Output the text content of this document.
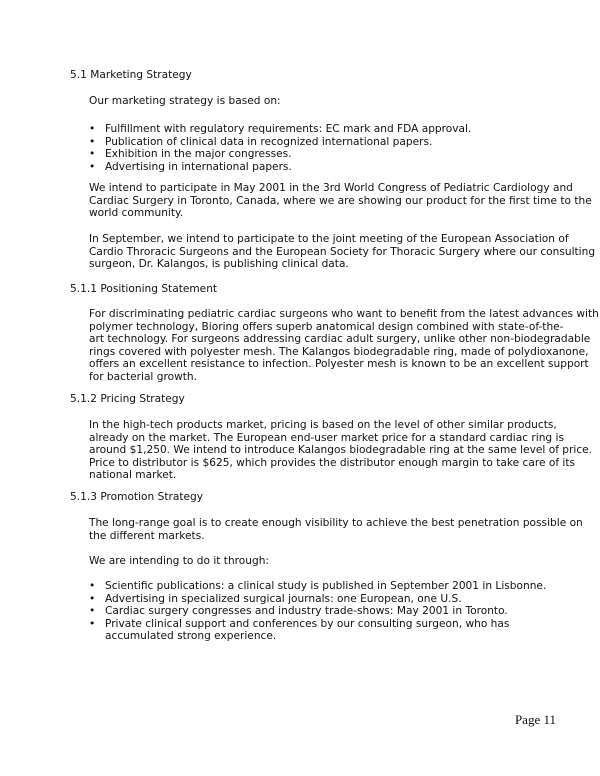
5.1 Marketing Strategy

Our marketing strategy is based on:

• Fulfillment with regulatory requirements: EC mark and FDA approval.
• Publication of clinical data in recognized international papers.
• Exhibition in the major congresses.
• Advertising in international papers.

We intend to participate in May 2001 in the 3rd World Congress of Pediatric Cardiology and
Cardiac Surgery in Toronto, Canada, where we are showing our product for the first time to the
world community.

In September, we intend to participate to the joint meeting of the European Association of
Cardio Throracic Surgeons and the European Society for Thoracic Surgery where our consulting
surgeon, Dr. Kalangos, is publishing clinical data.

5.1.1 Positioning Statement

For discriminating pediatric cardiac surgeons who want to benefit from the latest advances with
polymer technology, Bioring offers superb anatomical design combined with state-of-the-
art technology. For surgeons addressing cardiac adult surgery, unlike other non-biodegradable
rings covered with polyester mesh. The Kalangos biodegradable ring, made of polydioxanone,
offers an excellent resistance to infection. Polyester mesh is known to be an excellent support
for bacterial growth.

5.1.2 Pricing Strategy

In the high-tech products market, pricing is based on the level of other similar products,
already on the market. The European end-user market price for a standard cardiac ring is
around $1,250. We intend to introduce Kalangos biodegradable ring at the same level of price.
Price to distributor is $625, which provides the distributor enough margin to take care of its
national market.

5.1.3 Promotion Strategy

The long-range goal is to create enough visibility to achieve the best penetration possible on
the different markets.

We are intending to do it through:

• Scientific publications: a clinical study is published in September 2001 in Lisbonne.
• Advertising in specialized surgical journals: one European, one U.S.
• Cardiac surgery congresses and industry trade-shows: May 2001 in Toronto.
• Private clinical support and conferences by our consulting surgeon, who has
accumulated strong experience.
Page 11
